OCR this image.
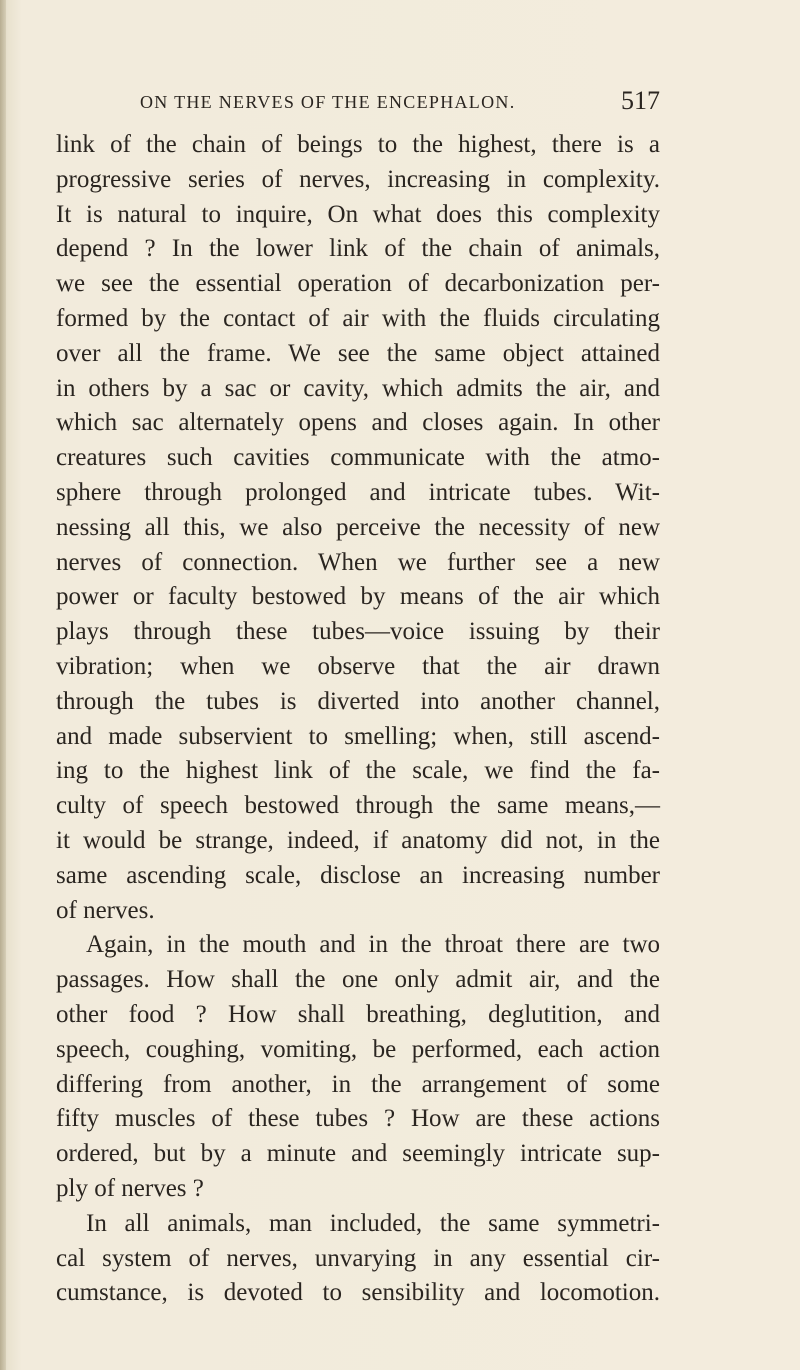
ON THE NERVES OF THE ENCEPHALON.	517
link of the chain of beings to the highest, there is a
progressive series of nerves, increasing in complexity.
It is natural to inquire, On what does this complexity
depend ? In the lower link of the chain of animals,
we see the essential operation of decarbonization per-
formed by the contact of air with the fluids circulating
over all the frame. We see the same object attained
in others by a sac or cavity, which admits the air, and
which sac alternately opens and closes again. In other
creatures such cavities communicate with the atmo-
sphere through prolonged and intricate tubes. Wit-
nessing all this, we also perceive the necessity of new
nerves of connection. When we further see a new
power or faculty bestowed by means of the air which
plays through these tubes—voice issuing by their
vibration; when we observe that the air drawn
through the tubes is diverted into another channel,
and made subservient to smelling; when, still ascend-
ing to the highest link of the scale, we find the fa-
culty of speech bestowed through the same means,—
it would be strange, indeed, if anatomy did not, in the
same ascending scale, disclose an increasing number
of nerves.
Again, in the mouth and in the throat there are two
passages. How shall the one only admit air, and the
other food ? How shall breathing, deglutition, and
speech, coughing, vomiting, be performed, each action
differing from another, in the arrangement of some
fifty muscles of these tubes ? How are these actions
ordered, but by a minute and seemingly intricate sup-
ply of nerves ?
In all animals, man included, the same symmetri-
cal system of nerves, unvarying in any essential cir-
cumstance, is devoted to sensibility and locomotion.
